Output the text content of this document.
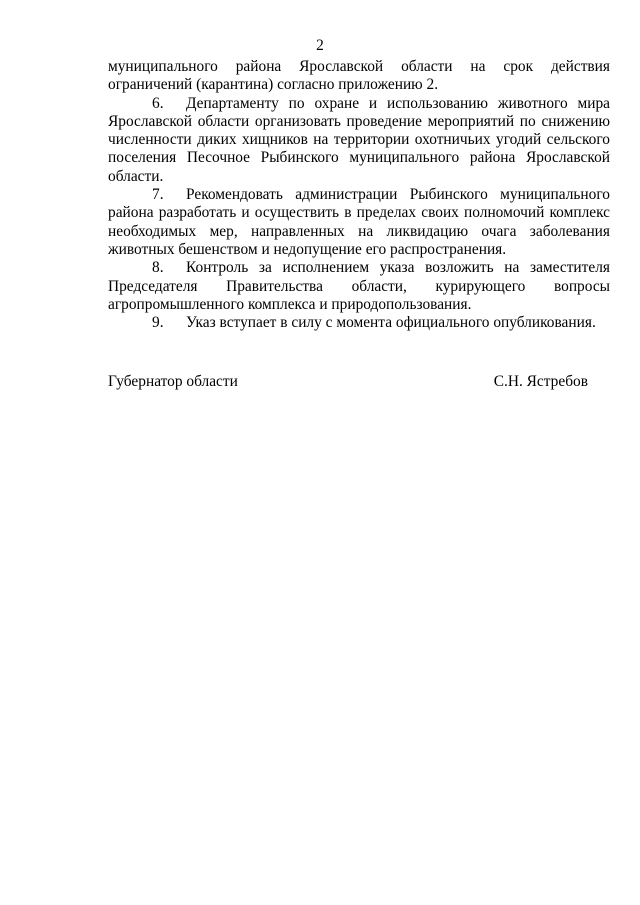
2

муниципального района Ярославской области на срок действия ограничений (карантина) согласно приложению 2.

6. Департаменту по охране и использованию животного мира Ярославской области организовать проведение мероприятий по снижению численности диких хищников на территории охотничьих угодий сельского поселения Песочное Рыбинского муниципального района Ярославской области.

7. Рекомендовать администрации Рыбинского муниципального района разработать и осуществить в пределах своих полномочий комплекс необходимых мер, направленных на ликвидацию очага заболевания животных бешенством и недопущение его распространения.

8. Контроль за исполнением указа возложить на заместителя Председателя Правительства области, курирующего вопросы агропромышленного комплекса и природопользования.

9. Указ вступает в силу с момента официального опубликования.

Губернатор области	С.Н. Ястребов
